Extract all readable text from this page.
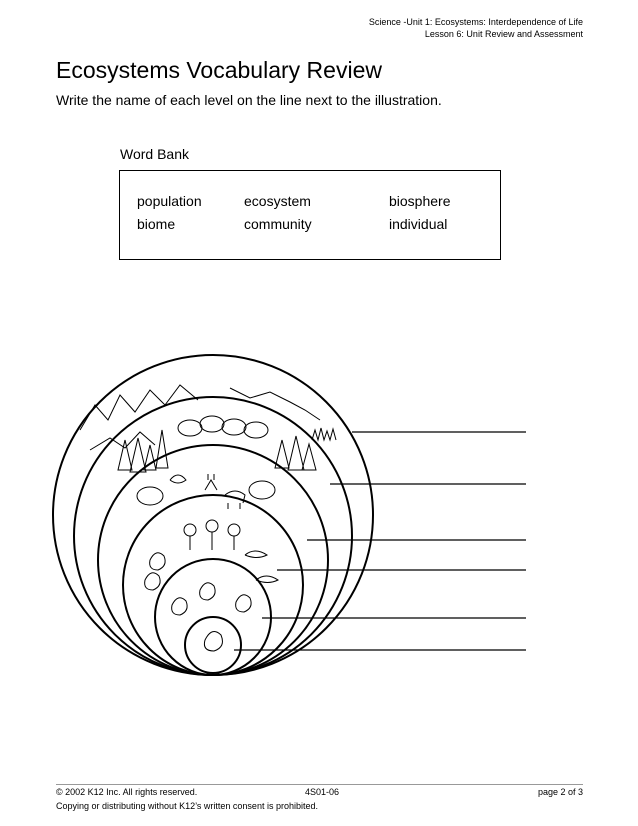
Science -Unit 1: Ecosystems: Interdependence of Life
Lesson 6: Unit Review and Assessment
Ecosystems Vocabulary Review
Write the name of each level on the line next to the illustration.
Word Bank
population	ecosystem	biosphere
biome	community	individual
© 2002 K12 Inc. All rights reserved.	4S01-06	page 2 of 3
Copying or distributing without K12’s written consent is prohibited.
